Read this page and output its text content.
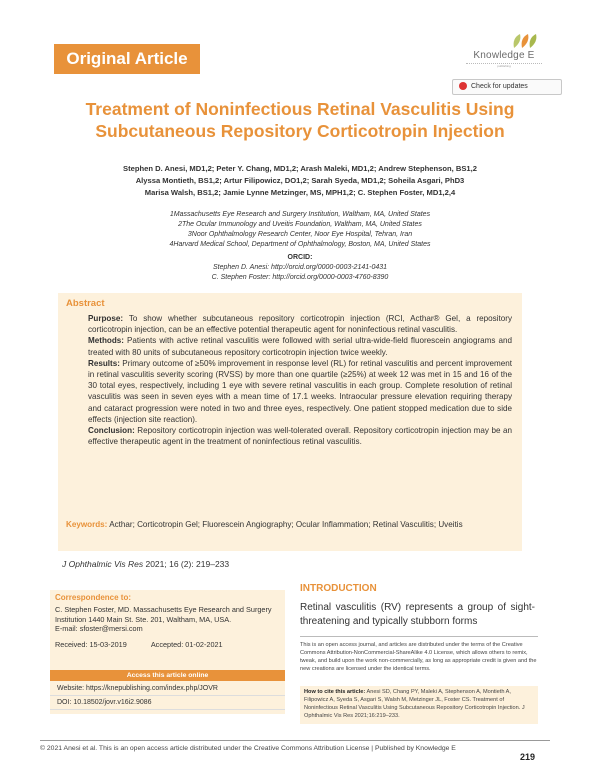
Original Article	Knowledge E
publishing
Check for updates
Treatment of Noninfectious Retinal Vasculitis Using
Subcutaneous Repository Corticotropin Injection
Stephen D. Anesi, MD1,2; Peter Y. Chang, MD1,2; Arash Maleki, MD1,2; Andrew Stephenson, BS1,2
Alyssa Montieth, BS1,2; Artur Filipowicz, DO1,2; Sarah Syeda, MD1,2; Soheila Asgari, PhD3
Marisa Walsh, BS1,2; Jamie Lynne Metzinger, MS, MPH1,2; C. Stephen Foster, MD1,2,4
1Massachusetts Eye Research and Surgery Institution, Waltham, MA, United States
2The Ocular Immunology and Uveitis Foundation, Waltham, MA, United States
3Noor Ophthalmology Research Center, Noor Eye Hospital, Tehran, Iran
4Harvard Medical School, Department of Ophthalmology, Boston, MA, United States
ORCID:
Stephen D. Anesi: http://orcid.org/0000-0003-2141-0431
C. Stephen Foster: http://orcid.org/0000-0003-4760-8390
Abstract

Purpose: To show whether subcutaneous repository corticotropin injection (RCI, Acthar® Gel, a repository corticotropin injection, can be an effective potential therapeutic agent for noninfectious retinal vasculitis.

Methods: Patients with active retinal vasculitis were followed with serial ultra-wide-field fluorescein angiograms and treated with 80 units of subcutaneous repository corticotropin injection twice weekly.

Results: Primary outcome of ≥50% improvement in response level (RL) for retinal vasculitis and percent improvement in retinal vasculitis severity scoring (RVSS) by more than one quartile (≥25%) at week 12 was met in 15 and 16 of the 30 total eyes, respectively, including 1 eye with severe retinal vasculitis in each group. Complete resolution of retinal vasculitis was seen in seven eyes with a mean time of 17.1 weeks. Intraocular pressure elevation requiring therapy and cataract progression were noted in two and three eyes, respectively. One patient stopped medication due to side effects (injection site reaction).

Conclusion: Repository corticotropin injection was well-tolerated overall. Repository corticotropin injection may be an effective therapeutic agent in the treatment of noninfectious retinal vasculitis.

Keywords: Acthar; Corticotropin Gel; Fluorescein Angiography; Ocular Inflammation; Retinal Vasculitis; Uveitis
J Ophthalmic Vis Res 2021; 16 (2): 219–233
Correspondence to:
C. Stephen Foster, MD. Massachusetts Eye Research and Surgery Institution 1440 Main St. Ste. 201, Waltham, MA, USA.
E-mail: sfoster@mersi.com
Received: 15-03-2019	Accepted: 01-02-2021
Access this article online
Website: https://knepublishing.com/index.php/JOVR
DOI: 10.18502/jovr.v16i2.9086
INTRODUCTION
Retinal vasculitis (RV) represents a group of sight-threatening and typically stubborn forms
This is an open access journal, and articles are distributed under the terms of the Creative Commons Attribution-NonCommercial-ShareAlike 4.0 License, which allows others to remix, tweak, and build upon the work non-commercially, as long as appropriate credit is given and the new creations are licensed under the identical terms.
How to cite this article: Anesi SD, Chang PY, Maleki A, Stephenson A, Montieth A, Filipowicz A, Syeda S, Asgari S, Walsh M, Metzinger JL, Foster CS. Treatment of Noninfectious Retinal Vasculitis Using Subcutaneous Repository Corticotropin Injection. J Ophthalmic Vis Res 2021;16:219–233.
© 2021 Anesi et al. This is an open access article distributed under the Creative Commons Attribution License | Published by Knowledge E
219
